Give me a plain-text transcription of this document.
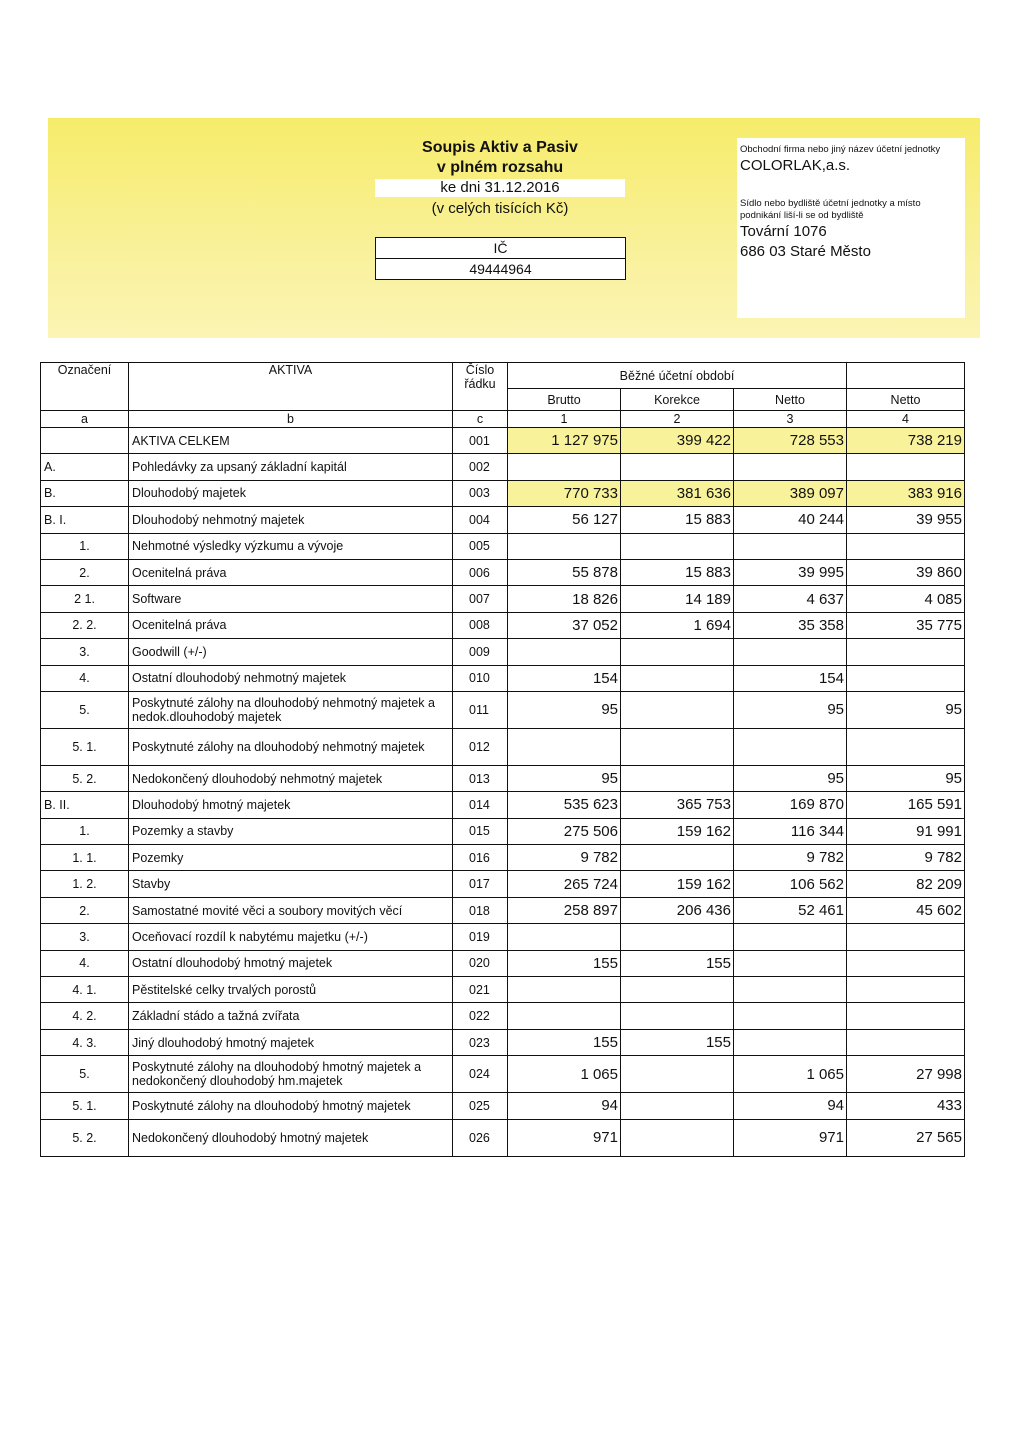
Soupis Aktiv a Pasiv
v plném rozsahu
ke dni 31.12.2016
(v celých tisících Kč)
IČ
49444964
Obchodní firma nebo jiný název účetní jednotky
COLORLAK,a.s.
Sídlo nebo bydliště účetní jednotky a místo podnikání liší-li se od bydliště
Tovární 1076
686 03 Staré Město
Označení	AKTIVA	Číslo řádku	Běžné účetní období			
			Brutto	Korekce	Netto	Netto
a	b	c	1	2	3	4
	AKTIVA CELKEM	001	1 127 975	399 422	728 553	738 219
A.	Pohledávky za upsaný základní kapitál	002				
B.	Dlouhodobý majetek	003	770 733	381 636	389 097	383 916
B. I.	Dlouhodobý nehmotný majetek	004	56 127	15 883	40 244	39 955
1.	Nehmotné výsledky výzkumu a vývoje	005				
2.	Ocenitelná práva	006	55 878	15 883	39 995	39 860
2 1.	Software	007	18 826	14 189	4 637	4 085
2. 2.	Ocenitelná práva	008	37 052	1 694	35 358	35 775
3.	Goodwill (+/-)	009				
4.	Ostatní dlouhodobý nehmotný majetek	010	154		154	
5.	Poskytnuté zálohy na dlouhodobý nehmotný majetek a nedok.dlouhodobý majetek	011	95		95	95
5. 1.	Poskytnuté zálohy na dlouhodobý nehmotný majetek	012				
5. 2.	Nedokončený dlouhodobý nehmotný majetek	013	95		95	95
B. II.	Dlouhodobý hmotný majetek	014	535 623	365 753	169 870	165 591
1.	Pozemky a stavby	015	275 506	159 162	116 344	91 991
1. 1.	Pozemky	016	9 782		9 782	9 782
1. 2.	Stavby	017	265 724	159 162	106 562	82 209
2.	Samostatné movité věci a soubory movitých věcí	018	258 897	206 436	52 461	45 602
3.	Oceňovací rozdíl k nabytému majetku (+/-)	019				
4.	Ostatní dlouhodobý hmotný majetek	020	155	155		
4. 1.	Pěstitelské celky trvalých porostů	021				
4. 2.	Základní stádo a tažná zvířata	022				
4. 3.	Jiný dlouhodobý hmotný majetek	023	155	155		
5.	Poskytnuté zálohy na dlouhodobý hmotný majetek a nedokončený dlouhodobý hm.majetek	024	1 065		1 065	27 998
5. 1.	Poskytnuté zálohy na dlouhodobý hmotný majetek	025	94		94	433
5. 2.	Nedokončený dlouhodobý hmotný majetek	026	971		971	27 565
